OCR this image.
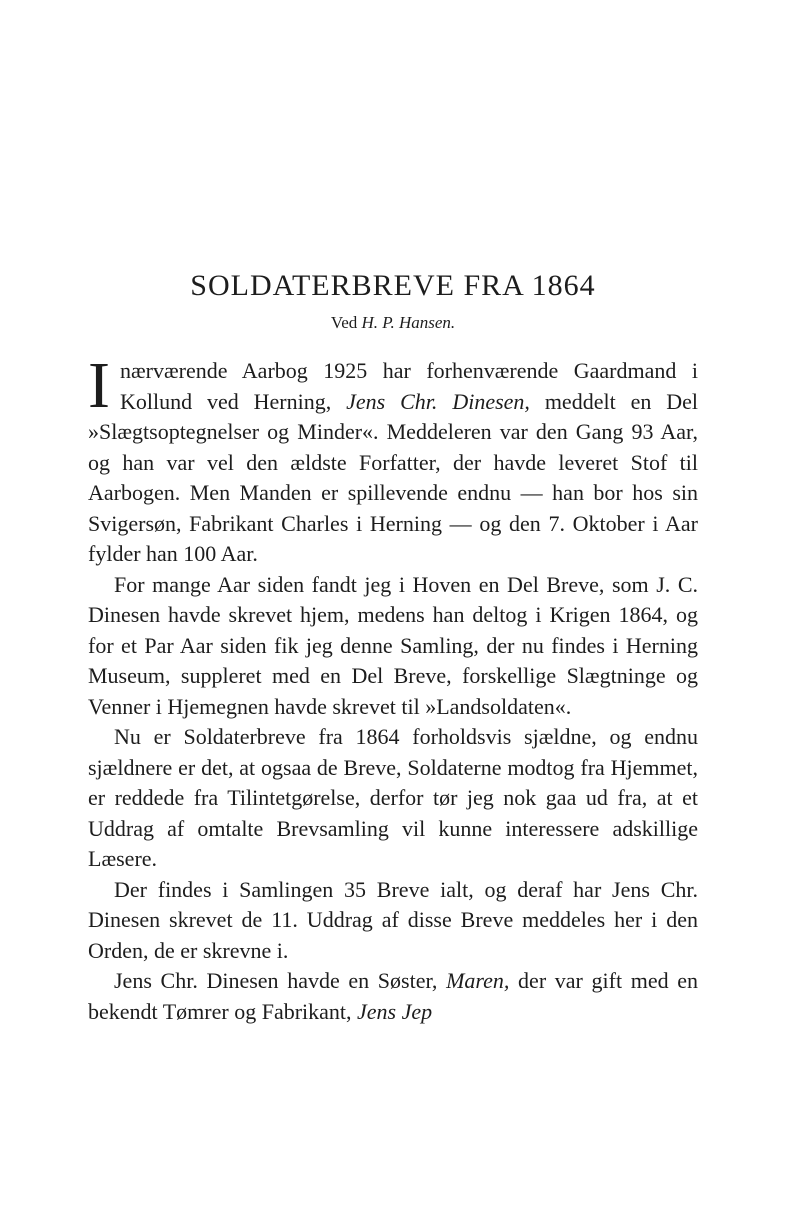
SOLDATERBREVE FRA 1864

Ved H. P. Hansen.

I nærværende Aarbog 1925 har forhenværende Gaardmand i Kollund ved Herning, Jens Chr. Dinesen, meddelt en Del »Slægtsoptegnelser og Minder«. Meddeleren var den Gang 93 Aar, og han var vel den ældste Forfatter, der havde leveret Stof til Aarbogen. Men Manden er spillevende endnu — han bor hos sin Svigersøn, Fabrikant Charles i Herning — og den 7. Oktober i Aar fylder han 100 Aar.

For mange Aar siden fandt jeg i Hoven en Del Breve, som J. C. Dinesen havde skrevet hjem, medens han deltog i Krigen 1864, og for et Par Aar siden fik jeg denne Samling, der nu findes i Herning Museum, suppleret med en Del Breve, forskellige Slægtninge og Venner i Hjemegnen havde skrevet til »Landsoldaten«.

Nu er Soldaterbreve fra 1864 forholdsvis sjældne, og endnu sjældnere er det, at ogsaa de Breve, Soldaterne modtog fra Hjemmet, er reddede fra Tilintetgørelse, derfor tør jeg nok gaa ud fra, at et Uddrag af omtalte Brevsamling vil kunne interessere adskillige Læsere.

Der findes i Samlingen 35 Breve ialt, og deraf har Jens Chr. Dinesen skrevet de 11. Uddrag af disse Breve meddeles her i den Orden, de er skrevne i.

Jens Chr. Dinesen havde en Søster, Maren, der var gift med en bekendt Tømrer og Fabrikant, Jens Jep
